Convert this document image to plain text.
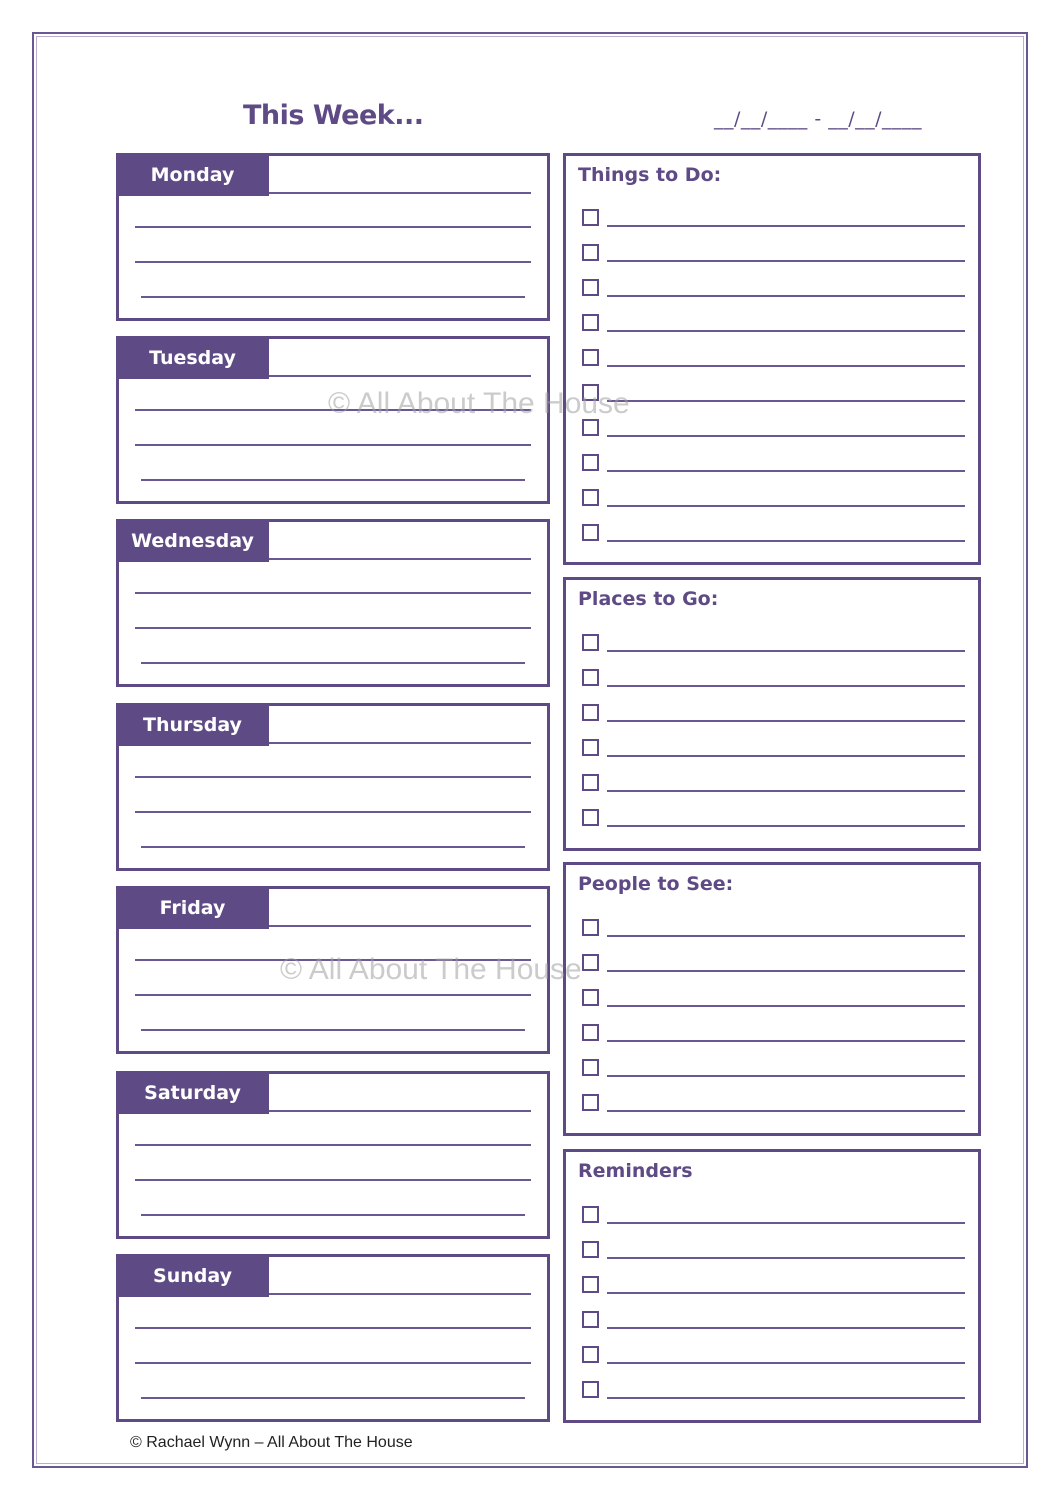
This Week...	__/__/____ - __/__/____
Monday
Tuesday
Wednesday
Thursday
Friday
Saturday
Sunday
Things to Do:
Places to Go:
People to See:
Reminders
© All About The House
© All About The House
© Rachael Wynn – All About The House
